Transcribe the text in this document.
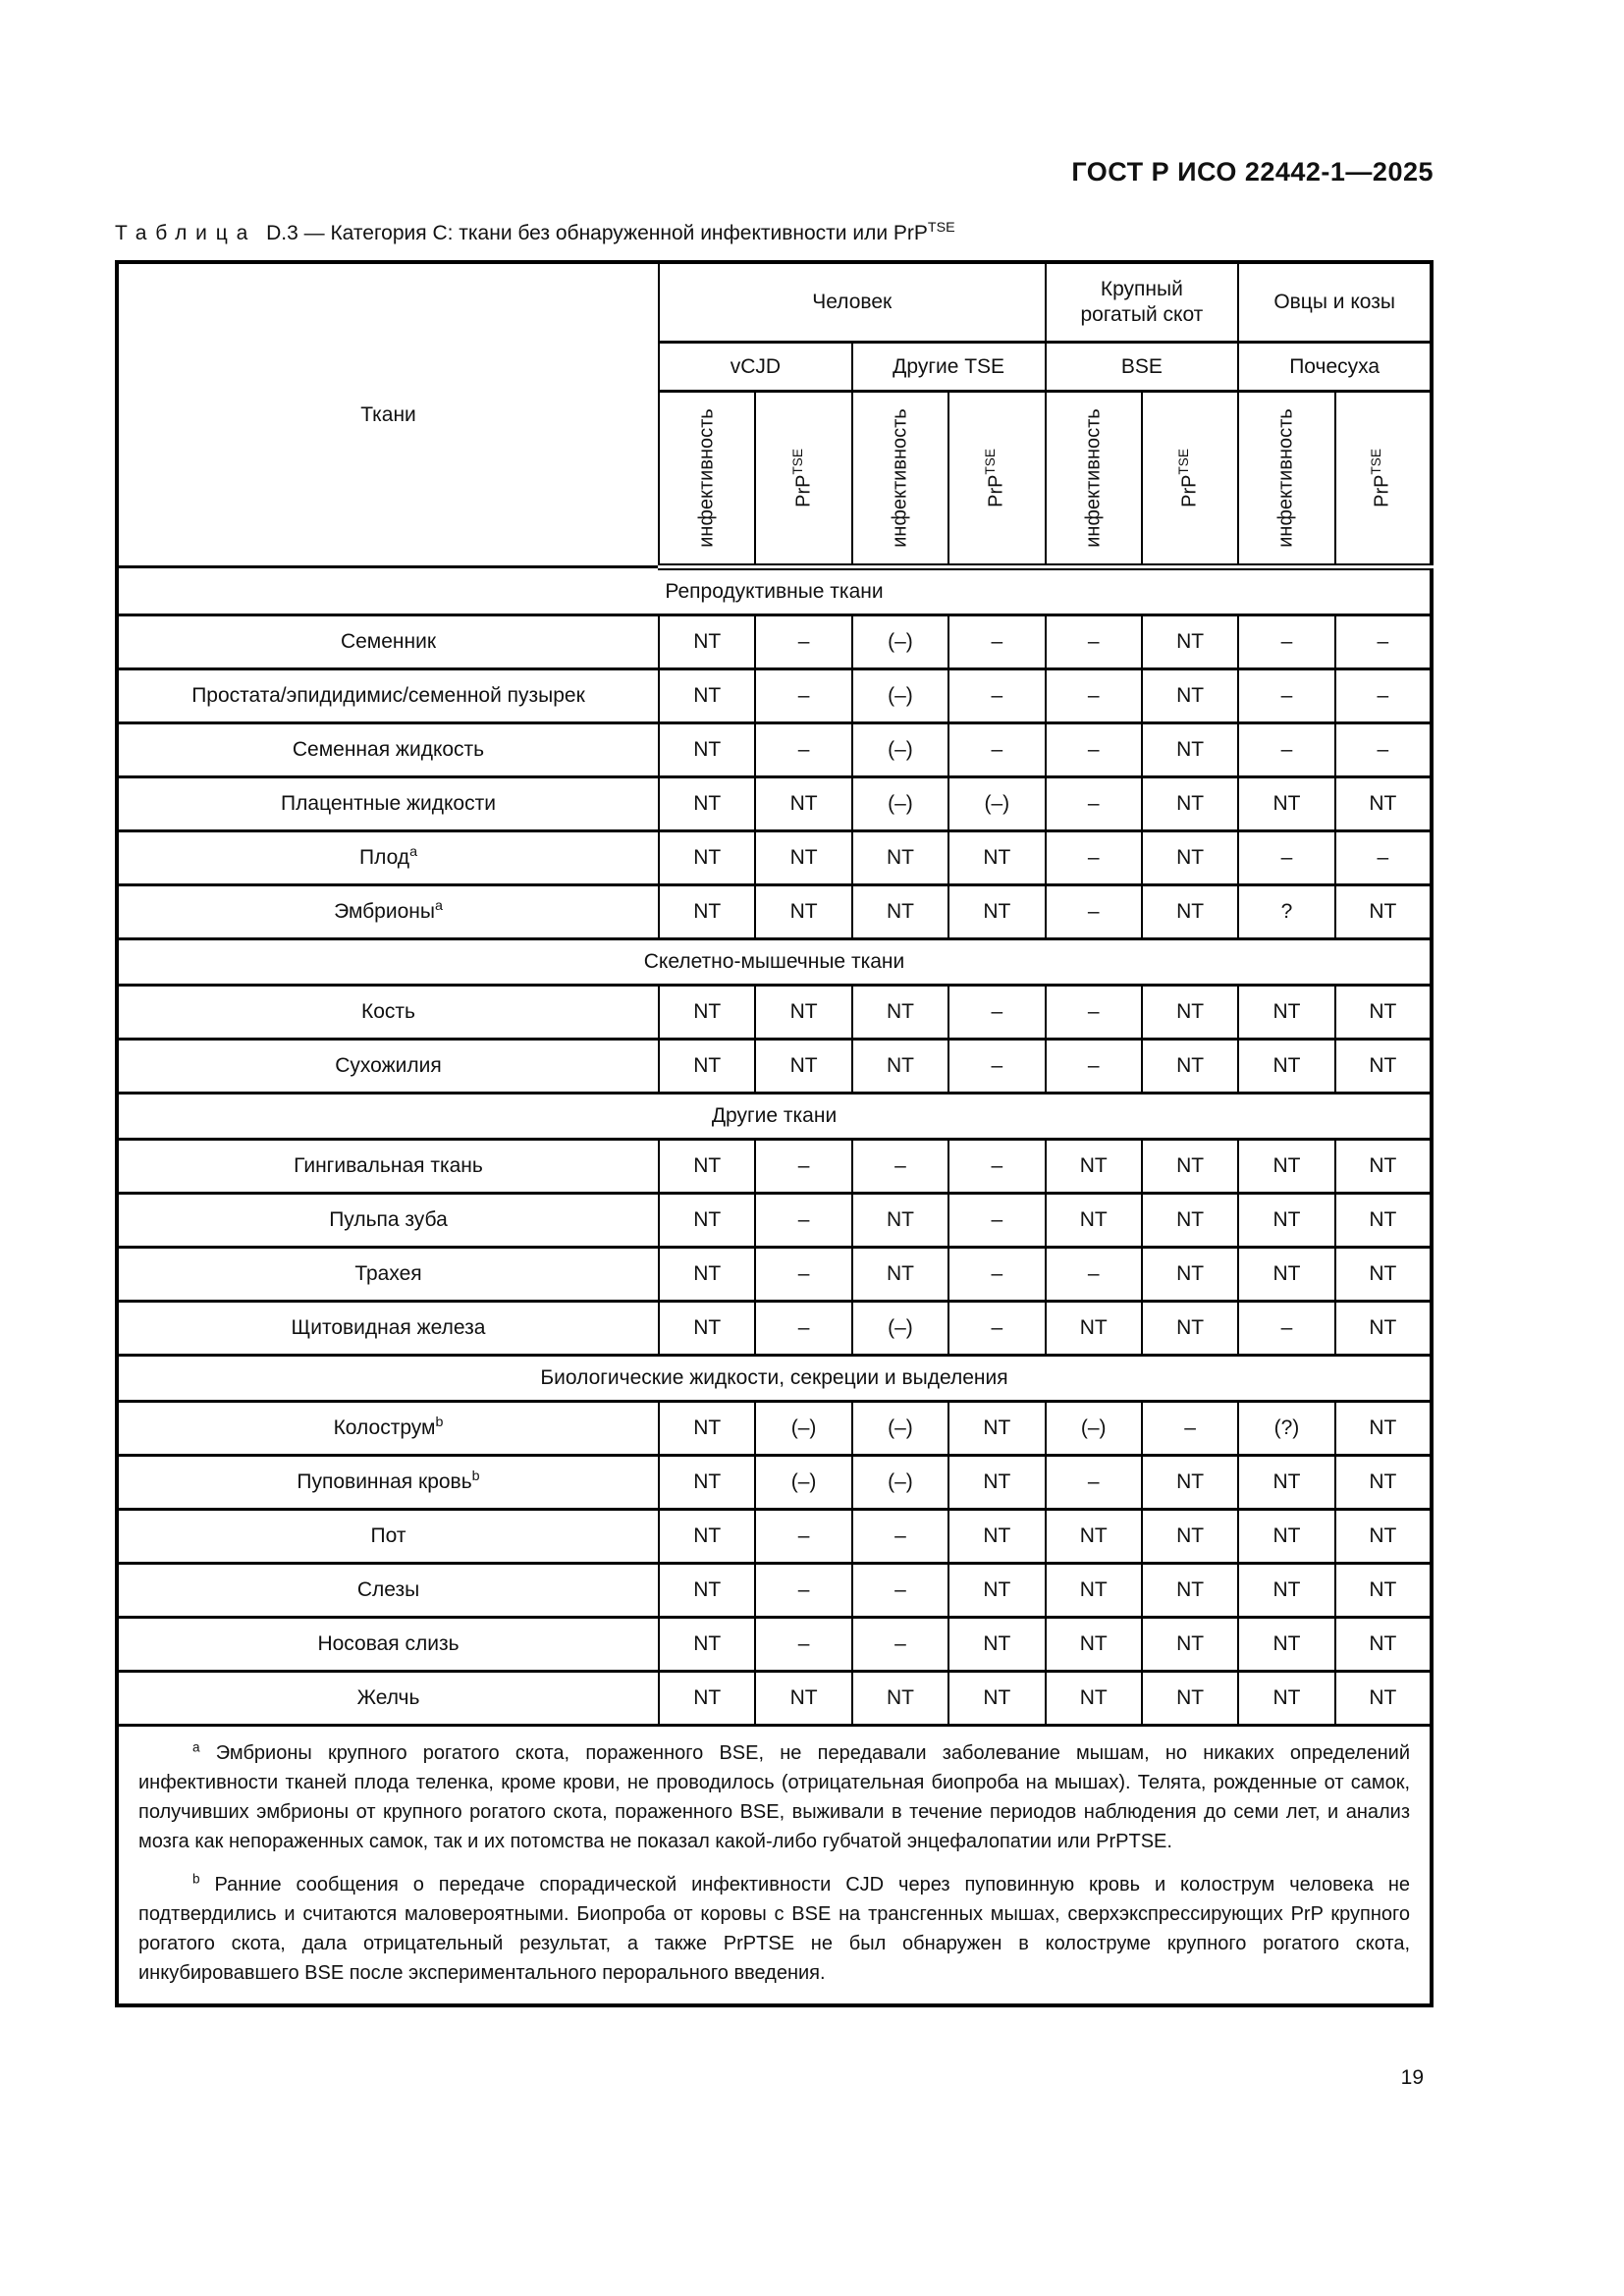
ГОСТ Р ИСО 22442-1—2025
Таблица D.3 — Категория C: ткани без обнаруженной инфективности или PrP$^{TSE}$
Ткани	Человек				Крупный рогатый скот		Овцы и козы	
	vCJD		Другие TSE		BSE		Почесуха	

	инфективность	PrP$^{TSE}$	инфективность	PrP$^{TSE}$	инфективность	PrP$^{TSE}$	инфективность	PrP$^{TSE}$

Репродуктивные ткани								
Семенник	NT	–	(–)	–	–	NT	–	–
Простата/эпидидимис/семенной пузырек	NT	–	(–)	–	–	NT	–	–
Семенная жидкость	NT	–	(–)	–	–	NT	–	–
Плацентные жидкости	NT	NT	(–)	(–)	–	NT	NT	NT
Плод$^a$	NT	NT	NT	NT	–	NT	–	–
Эмбрионы$^a$	NT	NT	NT	NT	–	NT	?	NT
Скелетно-мышечные ткани								
Кость	NT	NT	NT	–	–	NT	NT	NT
Сухожилия	NT	NT	NT	–	–	NT	NT	NT
Другие ткани								
Гингивальная ткань	NT	–	–	–	NT	NT	NT	NT
Пульпа зуба	NT	–	NT	–	NT	NT	NT	NT
Трахея	NT	–	NT	–	–	NT	NT	NT
Щитовидная железа	NT	–	(–)	–	NT	NT	–	NT
Биологические жидкости, секреции и выделения								
Колострум$^b$	NT	(–)	(–)	NT	(–)	–	(?)	NT
Пуповинная кровь$^b$	NT	(–)	(–)	NT	–	NT	NT	NT
Пот	NT	–	–	NT	NT	NT	NT	NT
Слезы	NT	–	–	NT	NT	NT	NT	NT
Носовая слизь	NT	–	–	NT	NT	NT	NT	NT
Желчь	NT	NT	NT	NT	NT	NT	NT	NT

$^a$ Эмбрионы крупного рогатого скота, пораженного BSE, не передавали заболевание мышам, но никаких определений инфективности тканей плода теленка, кроме крови, не проводилось (отрицательная биопроба на мышах). Телята, рожденные от самок, получивших эмбрионы от крупного рогатого скота, пораженного BSE, выживали в течение периодов наблюдения до семи лет, и анализ мозга как непораженных самок, так и их потомства не показал какой-либо губчатой энцефалопатии или PrPTSE.

$^b$ Ранние сообщения о передаче спорадической инфективности CJD через пуповинную кровь и колострум человека не подтвердились и считаются маловероятными. Биопроба от коровы с BSE на трансгенных мышах, сверхэкспрессирующих PrP крупного рогатого скота, дала отрицательный результат, а также PrPTSE не был обнаружен в колоструме крупного рогатого скота, инкубировавшего BSE после экспериментального перорального введения.								

19
